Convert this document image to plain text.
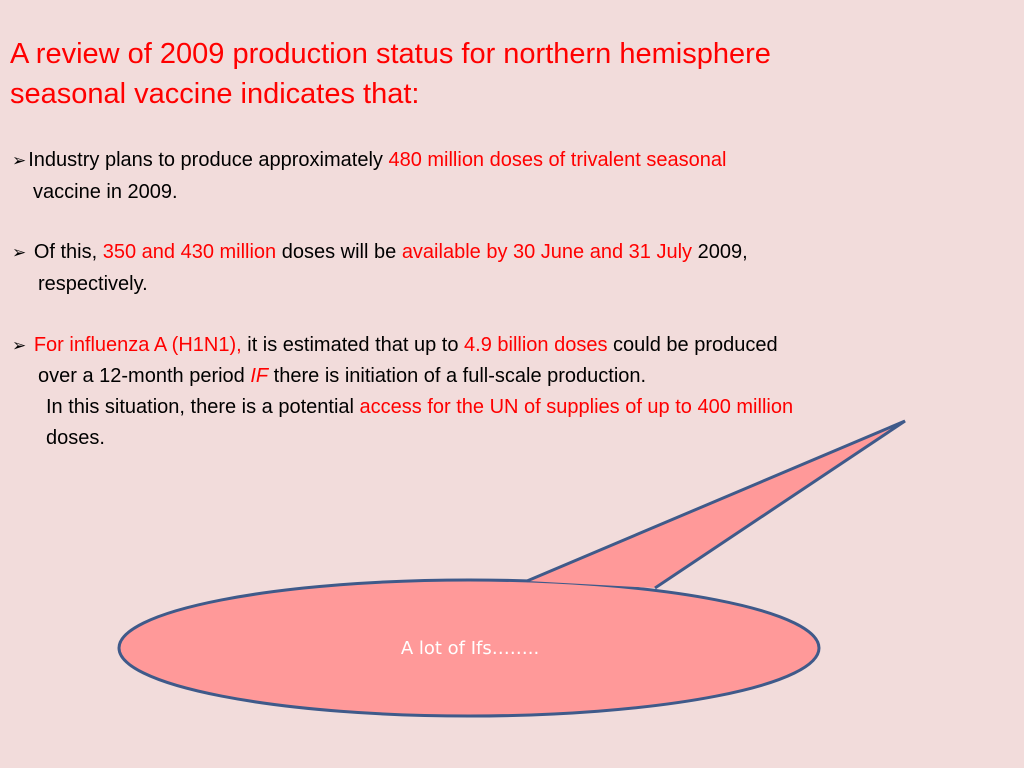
A review of 2009 production status for northern hemisphere
seasonal vaccine indicates that:
➢ Industry plans to produce approximately 480 million doses of trivalent seasonal
vaccine in 2009.
➢ Of this, 350 and 430 million doses will be available by 30 June and 31 July 2009,
respectively.
➢ For influenza A (H1N1), it is estimated that up to 4.9 billion doses could be produced
over a 12-month period IF there is initiation of a full-scale production.
In this situation, there is a potential access for the UN of supplies of up to 400 million
doses.
A lot of Ifs……..
